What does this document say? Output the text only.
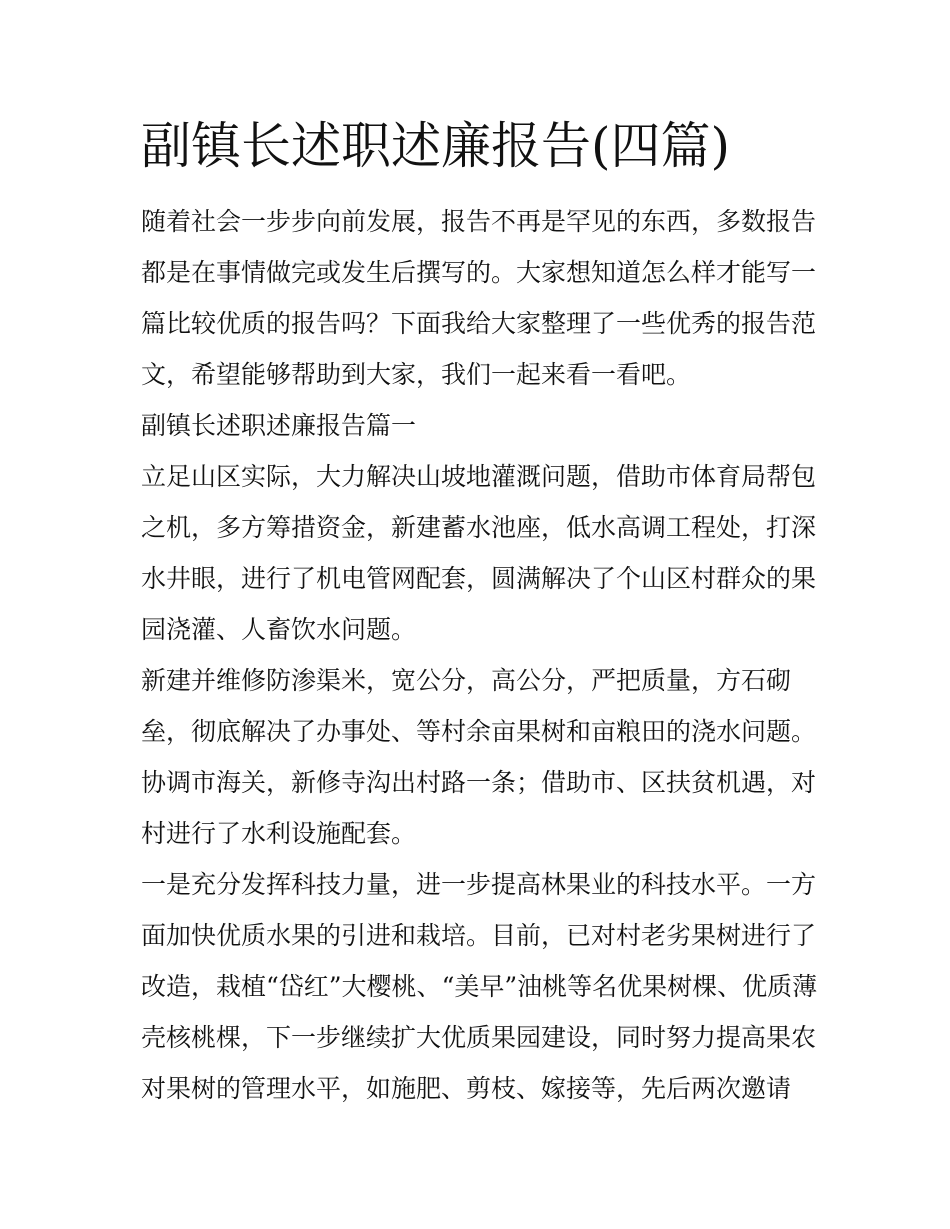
副镇长述职述廉报告(四篇)

随着社会一步步向前发展，报告不再是罕见的东西，多数报告
都是在事情做完或发生后撰写的。大家想知道怎么样才能写一
篇比较优质的报告吗？下面我给大家整理了一些优秀的报告范
文，希望能够帮助到大家，我们一起来看一看吧。

副镇长述职述廉报告篇一

立足山区实际，大力解决山坡地灌溉问题，借助市体育局帮包
之机，多方筹措资金，新建蓄水池座，低水高调工程处，打深
水井眼，进行了机电管网配套，圆满解决了个山区村群众的果
园浇灌、人畜饮水问题。

新建并维修防渗渠米，宽公分，高公分，严把质量，方石砌
垒，彻底解决了办事处、等村余亩果树和亩粮田的浇水问题。
协调市海关，新修寺沟出村路一条；借助市、区扶贫机遇，对
村进行了水利设施配套。

一是充分发挥科技力量，进一步提高林果业的科技水平。一方
面加快优质水果的引进和栽培。目前，已对村老劣果树进行了
改造，栽植“岱红”大樱桃、“美早”油桃等名优果树棵、优质薄
壳核桃棵，下一步继续扩大优质果园建设，同时努力提高果农
对果树的管理水平，如施肥、剪枝、嫁接等，先后两次邀请
